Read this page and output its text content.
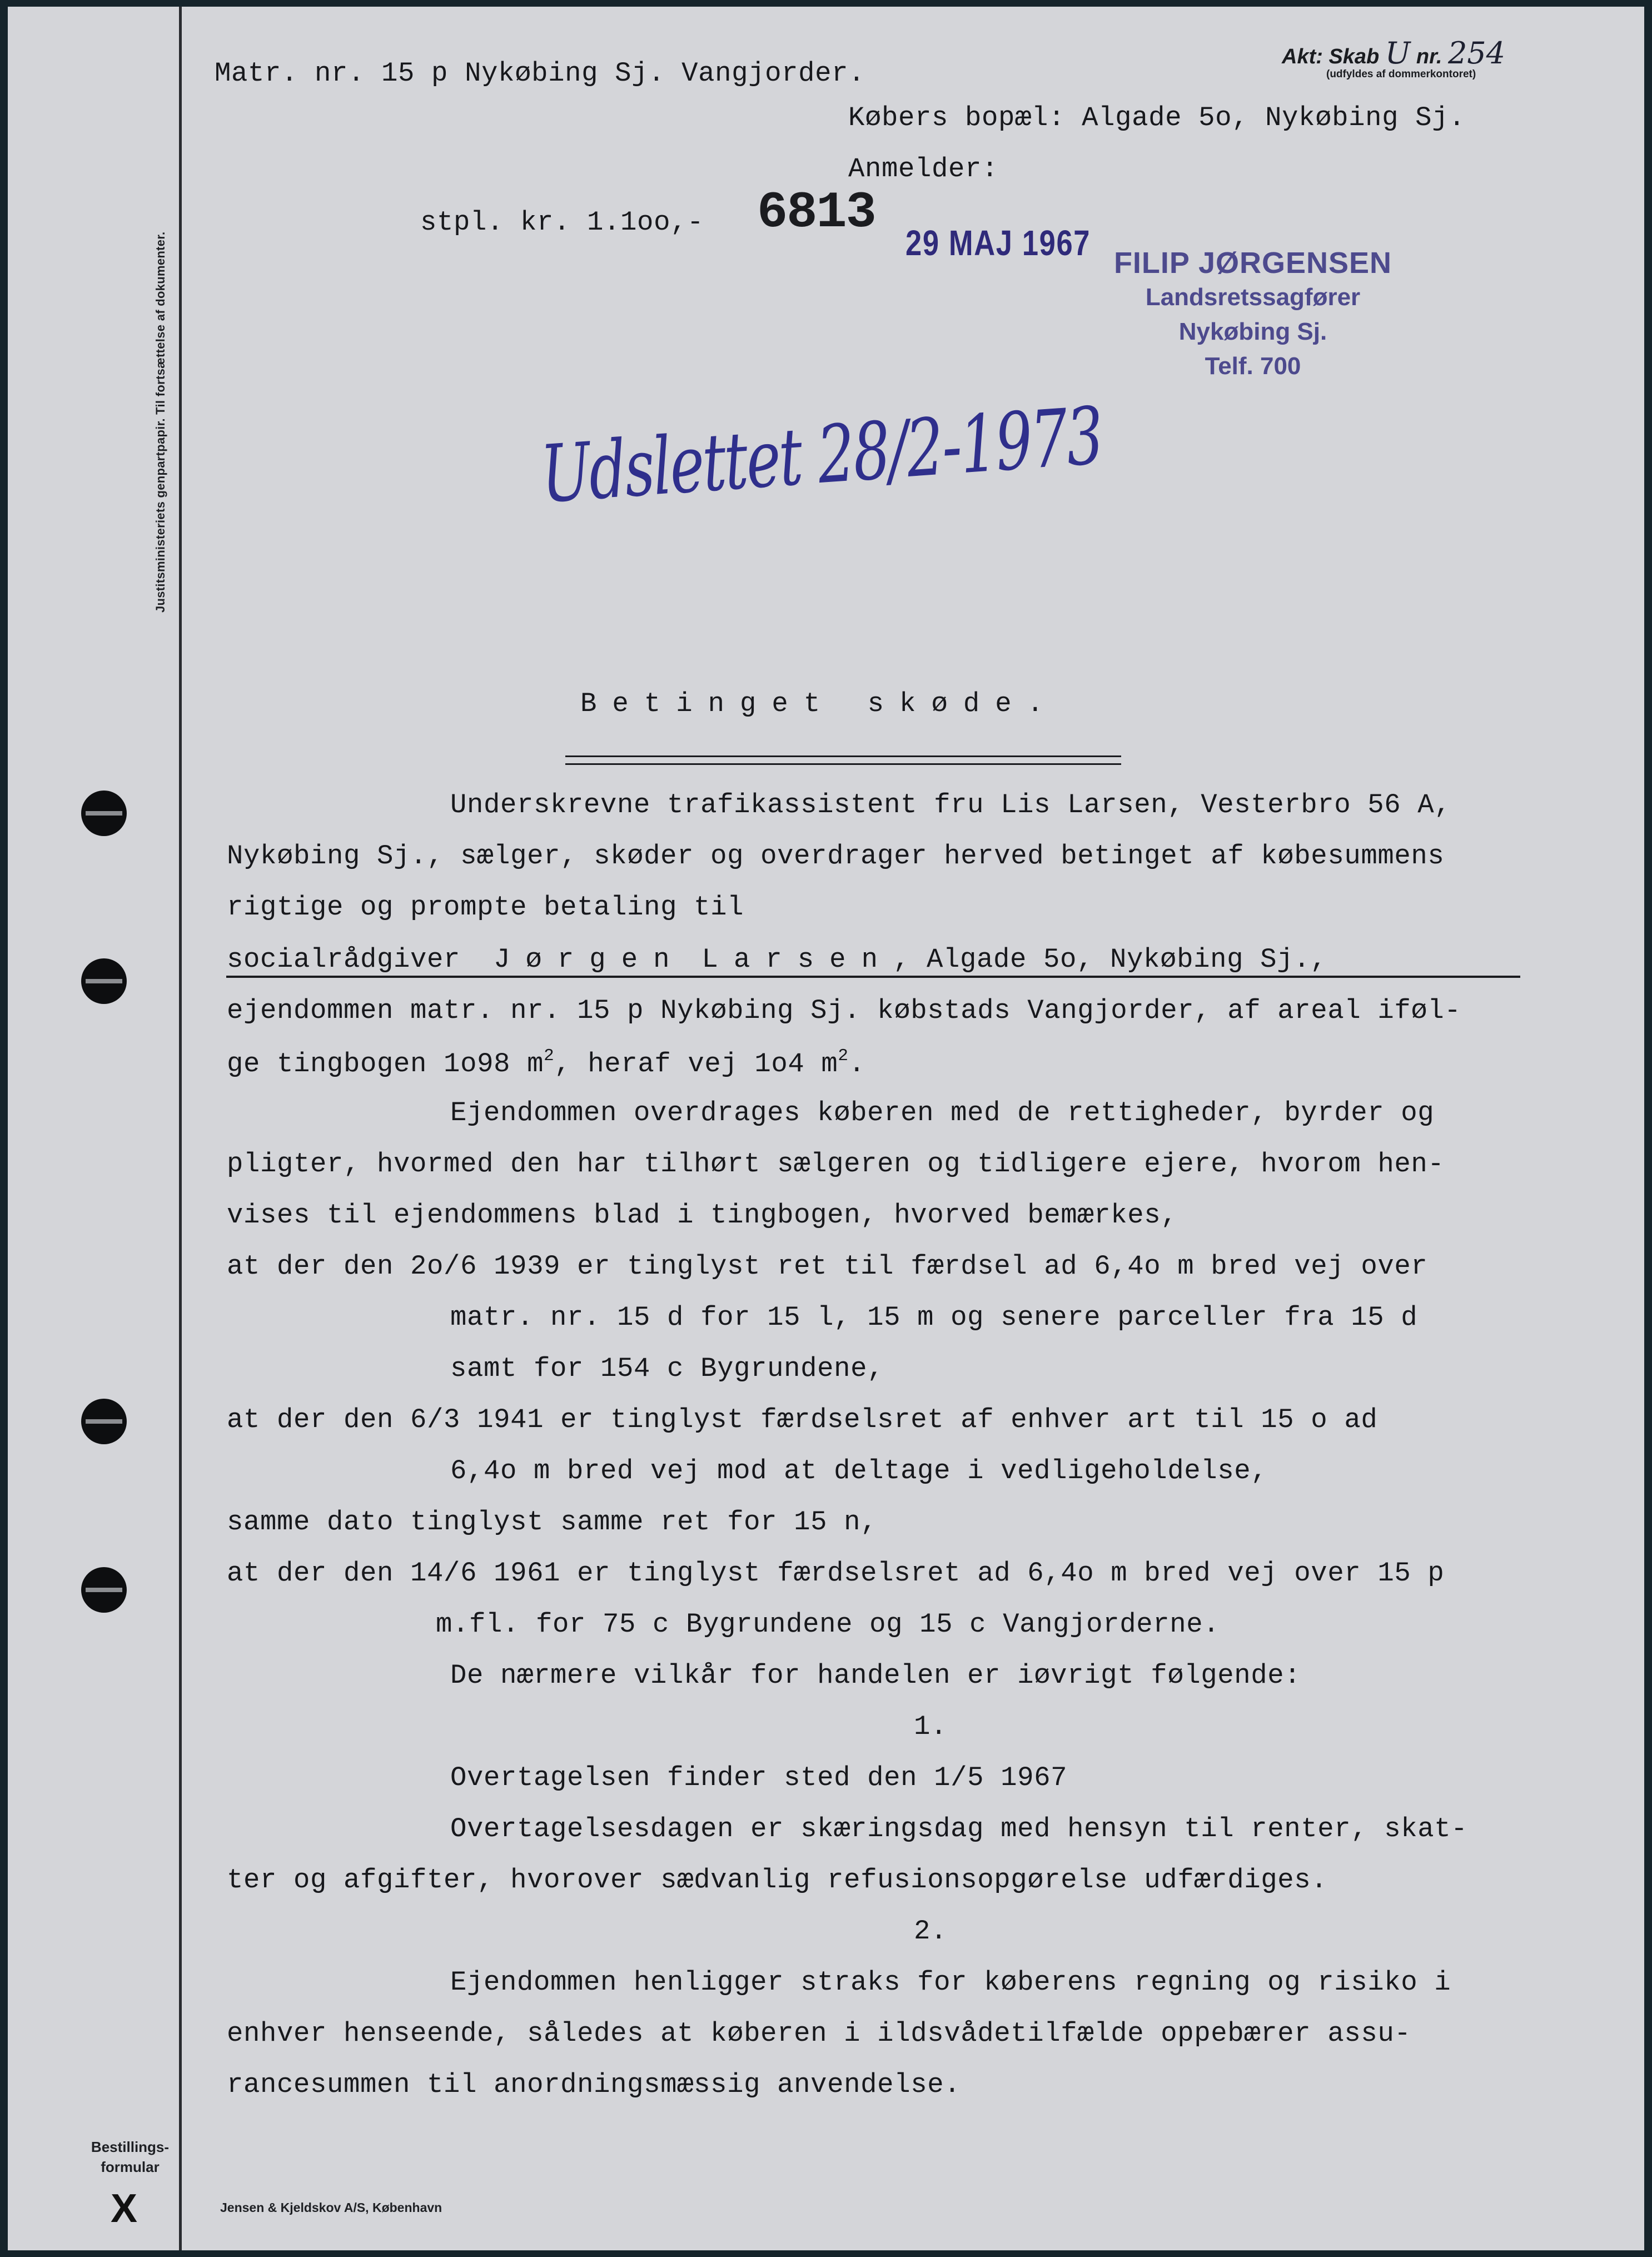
Justitsministeriets genpartpapir. Til fortsættelse af dokumenter.
Bestillings-
formular
X	Jensen & Kjeldskov A/S, København
Akt: Skab U nr. 254
(udfyldes af dommerkontoret)
Matr. nr. 15 p Nykøbing Sj. Vangjorder.
Købers bopæl: Algade 5o, Nykøbing Sj.
Anmelder:
stpl. kr. 1.1oo,- 6813
29 MAJ 1967 FILIP JØRGENSEN
Landsretssagfører
Nykøbing Sj.
Telf. 700
Udslettet 28/2-1973
Betinget skøde.
Underskrevne trafikassistent fru Lis Larsen, Vesterbro 56 A,
Nykøbing Sj., sælger, skøder og overdrager herved betinget af købesummens
rigtige og prompte betaling til
socialrådgiver Jørgen Larsen, Algade 5o, Nykøbing Sj.,
ejendommen matr. nr. 15 p Nykøbing Sj. købstads Vangjorder, af areal iføl-
ge tingbogen 1o98 $m^2$, heraf vej 1o4 $m^2$.
Ejendommen overdrages køberen med de rettigheder, byrder og
pligter, hvormed den har tilhørt sælgeren og tidligere ejere, hvorom hen-
vises til ejendommens blad i tingbogen, hvorved bemærkes,
at der den 2o/6 1939 er tinglyst ret til færdsel ad 6,4o m bred vej over
matr. nr. 15 d for 15 l, 15 m og senere parceller fra 15 d
samt for 154 c Bygrundene,
at der den 6/3 1941 er tinglyst færdselsret af enhver art til 15 o ad
6,4o m bred vej mod at deltage i vedligeholdelse,
samme dato tinglyst samme ret for 15 n,
at der den 14/6 1961 er tinglyst færdselsret ad 6,4o m bred vej over 15 p
m.fl. for 75 c Bygrundene og 15 c Vangjorderne.
De nærmere vilkår for handelen er iøvrigt følgende:
1.
Overtagelsen finder sted den 1/5 1967
Overtagelsesdagen er skæringsdag med hensyn til renter, skat-
ter og afgifter, hvorover sædvanlig refusionsopgørelse udfærdiges.
2.
Ejendommen henligger straks for køberens regning og risiko i
enhver henseende, således at køberen i ildsvådetilfælde oppebærer assu-
rancesummen til anordningsmæssig anvendelse.
